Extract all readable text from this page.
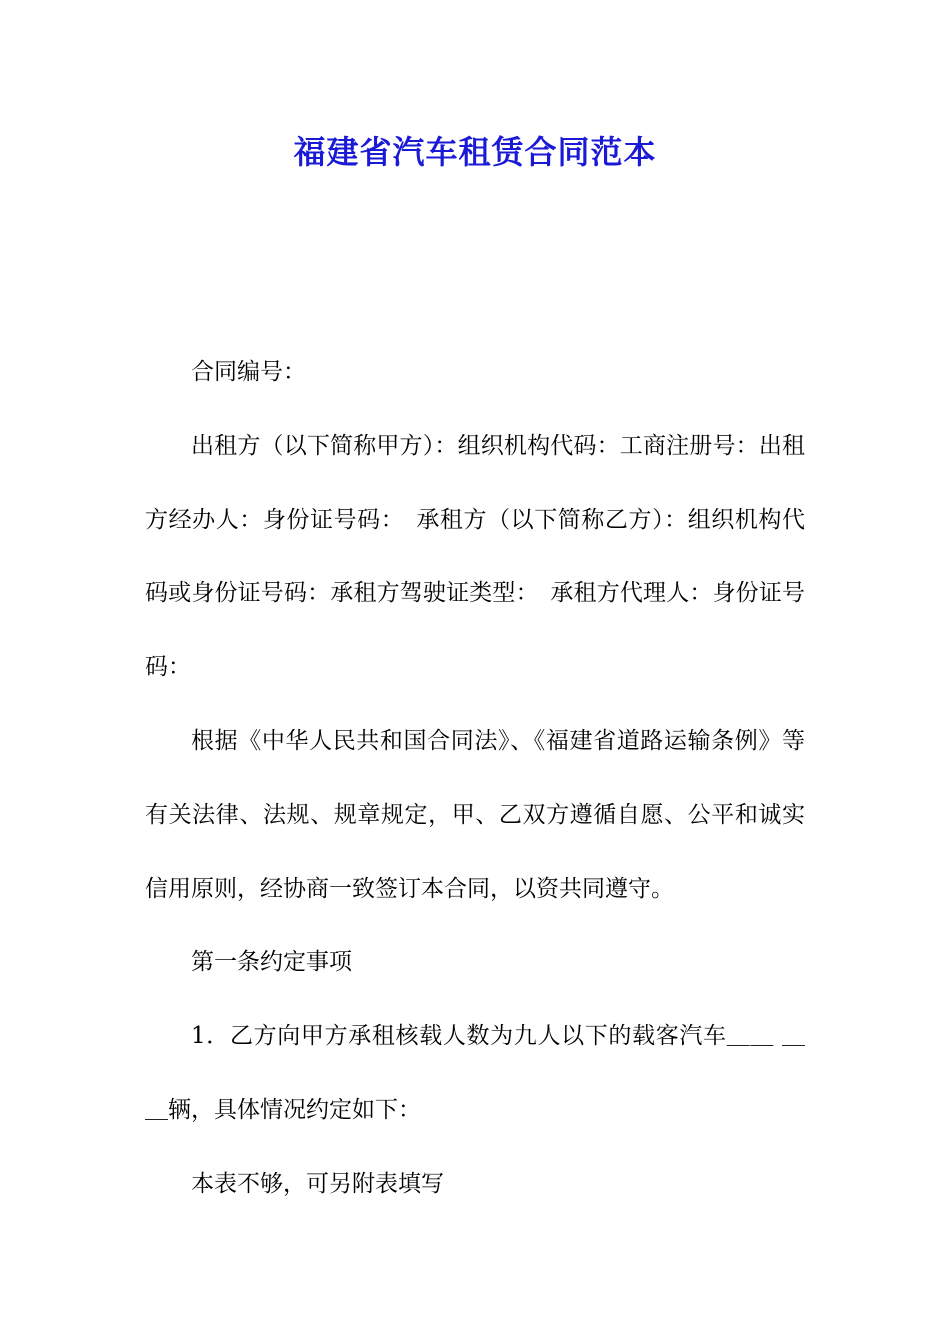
福建省汽车租赁合同范本

合同编号：

出租方（以下简称甲方）：组织机构代码：工商注册号：出租方经办人：身份证号码：　承租方（以下简称乙方）：组织机构代码或身份证号码：承租方驾驶证类型：　承租方代理人：身份证号码：

根据《中华人民共和国合同法》、《福建省道路运输条例》等有关法律、法规、规章规定，甲、乙双方遵循自愿、公平和诚实信用原则，经协商一致签订本合同，以资共同遵守。

第一条约定事项

1．乙方向甲方承租核载人数为九人以下的载客汽车＿＿ ＿＿辆，具体情况约定如下：

本表不够，可另附表填写
